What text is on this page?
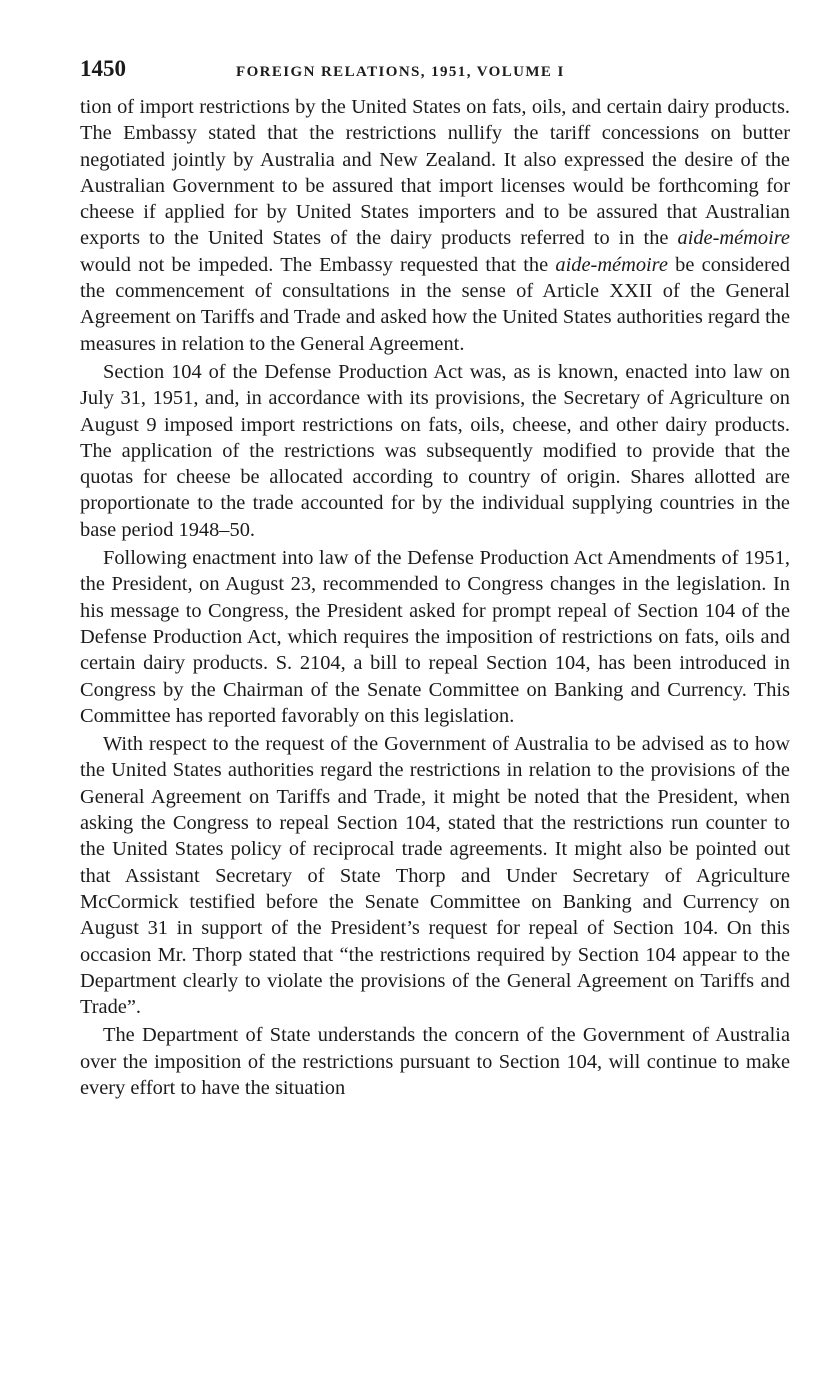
1450	FOREIGN RELATIONS, 1951, VOLUME I

tion of import restrictions by the United States on fats, oils, and certain dairy products. The Embassy stated that the restrictions nullify the tariff concessions on butter negotiated jointly by Australia and New Zealand. It also expressed the desire of the Australian Government to be assured that import licenses would be forthcoming for cheese if applied for by United States importers and to be assured that Australian exports to the United States of the dairy products referred to in the aide-mémoire would not be impeded. The Embassy requested that the aide-mémoire be considered the commencement of consultations in the sense of Article XXII of the General Agreement on Tariffs and Trade and asked how the United States authorities regard the measures in relation to the General Agreement.

Section 104 of the Defense Production Act was, as is known, enacted into law on July 31, 1951, and, in accordance with its provisions, the Secretary of Agriculture on August 9 imposed import restrictions on fats, oils, cheese, and other dairy products. The application of the restrictions was subsequently modified to provide that the quotas for cheese be allocated according to country of origin. Shares allotted are proportionate to the trade accounted for by the individual supplying countries in the base period 1948–50.

Following enactment into law of the Defense Production Act Amendments of 1951, the President, on August 23, recommended to Congress changes in the legislation. In his message to Congress, the President asked for prompt repeal of Section 104 of the Defense Production Act, which requires the imposition of restrictions on fats, oils and certain dairy products. S. 2104, a bill to repeal Section 104, has been introduced in Congress by the Chairman of the Senate Committee on Banking and Currency. This Committee has reported favorably on this legislation.

With respect to the request of the Government of Australia to be advised as to how the United States authorities regard the restrictions in relation to the provisions of the General Agreement on Tariffs and Trade, it might be noted that the President, when asking the Congress to repeal Section 104, stated that the restrictions run counter to the United States policy of reciprocal trade agreements. It might also be pointed out that Assistant Secretary of State Thorp and Under Secretary of Agriculture McCormick testified before the Senate Committee on Banking and Currency on August 31 in support of the President’s request for repeal of Section 104. On this occasion Mr. Thorp stated that “the restrictions required by Section 104 appear to the Department clearly to violate the provisions of the General Agreement on Tariffs and Trade”.

The Department of State understands the concern of the Government of Australia over the imposition of the restrictions pursuant to Section 104, will continue to make every effort to have the situation
